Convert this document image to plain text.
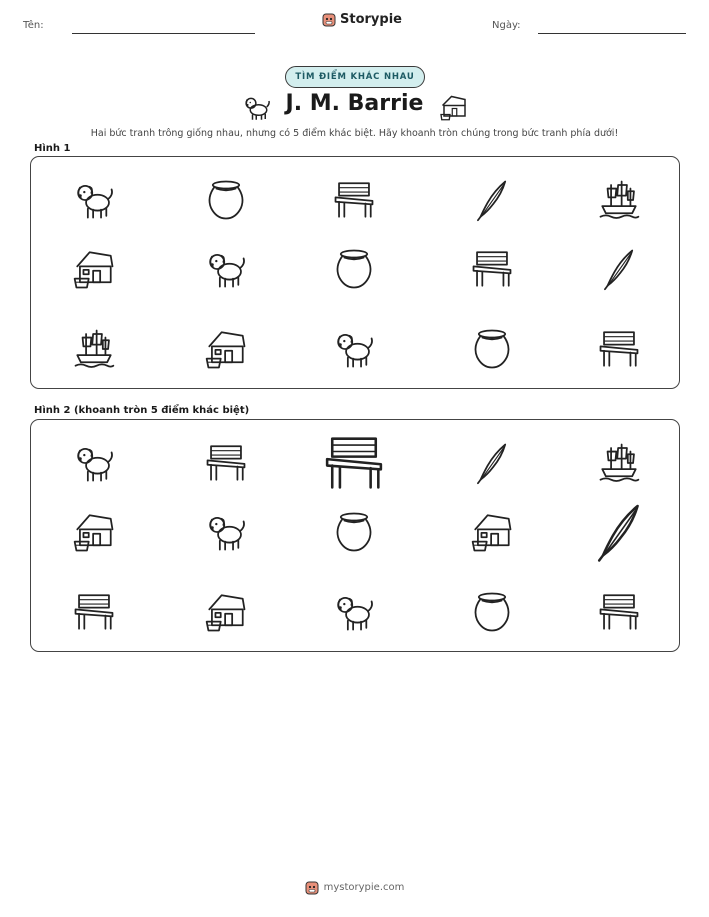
Tên:	Storypie	Ngày:
TÌM ĐIỂM KHÁC NHAU
J. M. Barrie
Hai bức tranh trông giống nhau, nhưng có 5 điểm khác biệt. Hãy khoanh tròn chúng trong bức tranh phía dưới!
Hình 1
Hình 2 (khoanh tròn 5 điểm khác biệt)
mystorypie.com
